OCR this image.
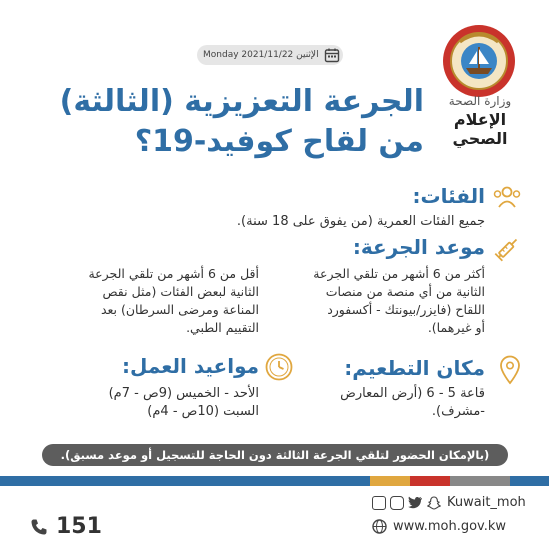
الإثنين 2021/11/22 Monday
وزارة الصحة
الإعلام الصحي
الجرعة التعزيزية (الثالثة)
من لقاح كوفيد-19؟
الفئات:
جميع الفئات العمرية (من يفوق على 18 سنة).
موعد الجرعة:
أكثر من 6 أشهر من تلقي الجرعة
الثانية من أي منصة من منصات
اللقاح (فايزر/بيونتك - أكسفورد
أو غيرهما).
أقل من 6 أشهر من تلقي الجرعة
الثانية لبعض الفئات (مثل نقص
المناعة ومرضى السرطان) بعد
التقييم الطبي.
مكان التطعيم:
قاعة 5 - 6 (أرض المعارض
-مشرف).
مواعيد العمل:
الأحد - الخميس (9ص - 7م)
السبت (10ص - 4م)
(بالإمكان الحضور لتلقي الجرعة الثالثة دون الحاجة للتسجيل أو موعد مسبق).
Kuwait_moh
www.moh.gov.kw
151
